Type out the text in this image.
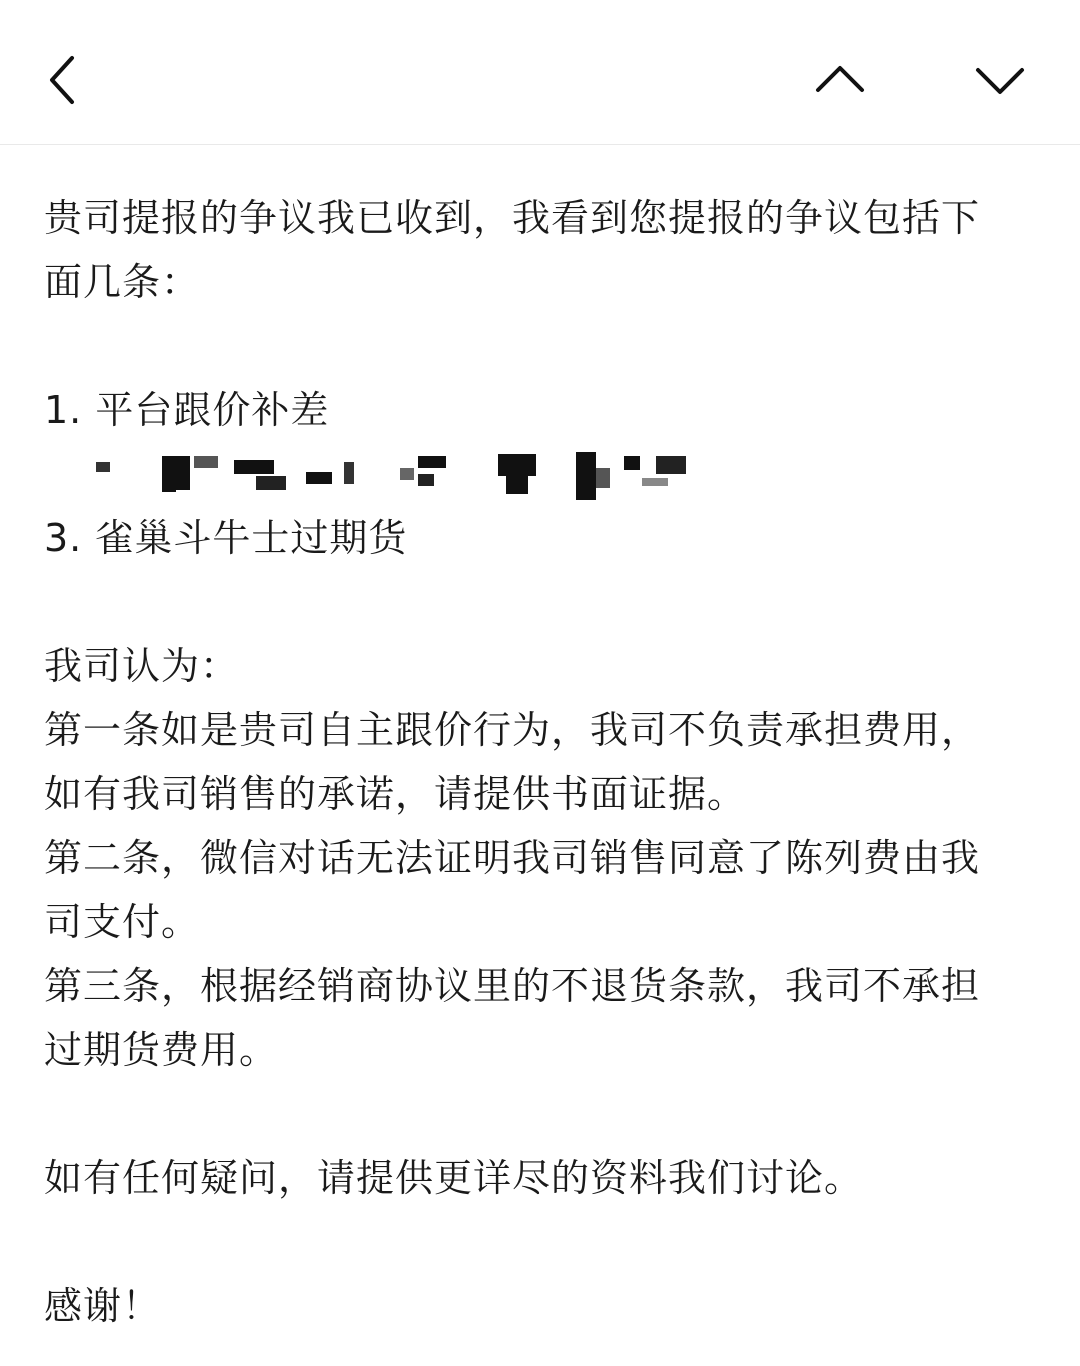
贵司提报的争议我已收到，我看到您提报的争议包括下
面几条：
1. 平台跟价补差
3. 雀巢斗牛士过期货
我司认为：
第一条如是贵司自主跟价行为，我司不负责承担费用，
如有我司销售的承诺，请提供书面证据。
第二条，微信对话无法证明我司销售同意了陈列费由我
司支付。
第三条，根据经销商协议里的不退货条款，我司不承担
过期货费用。
如有任何疑问，请提供更详尽的资料我们讨论。
感谢！
